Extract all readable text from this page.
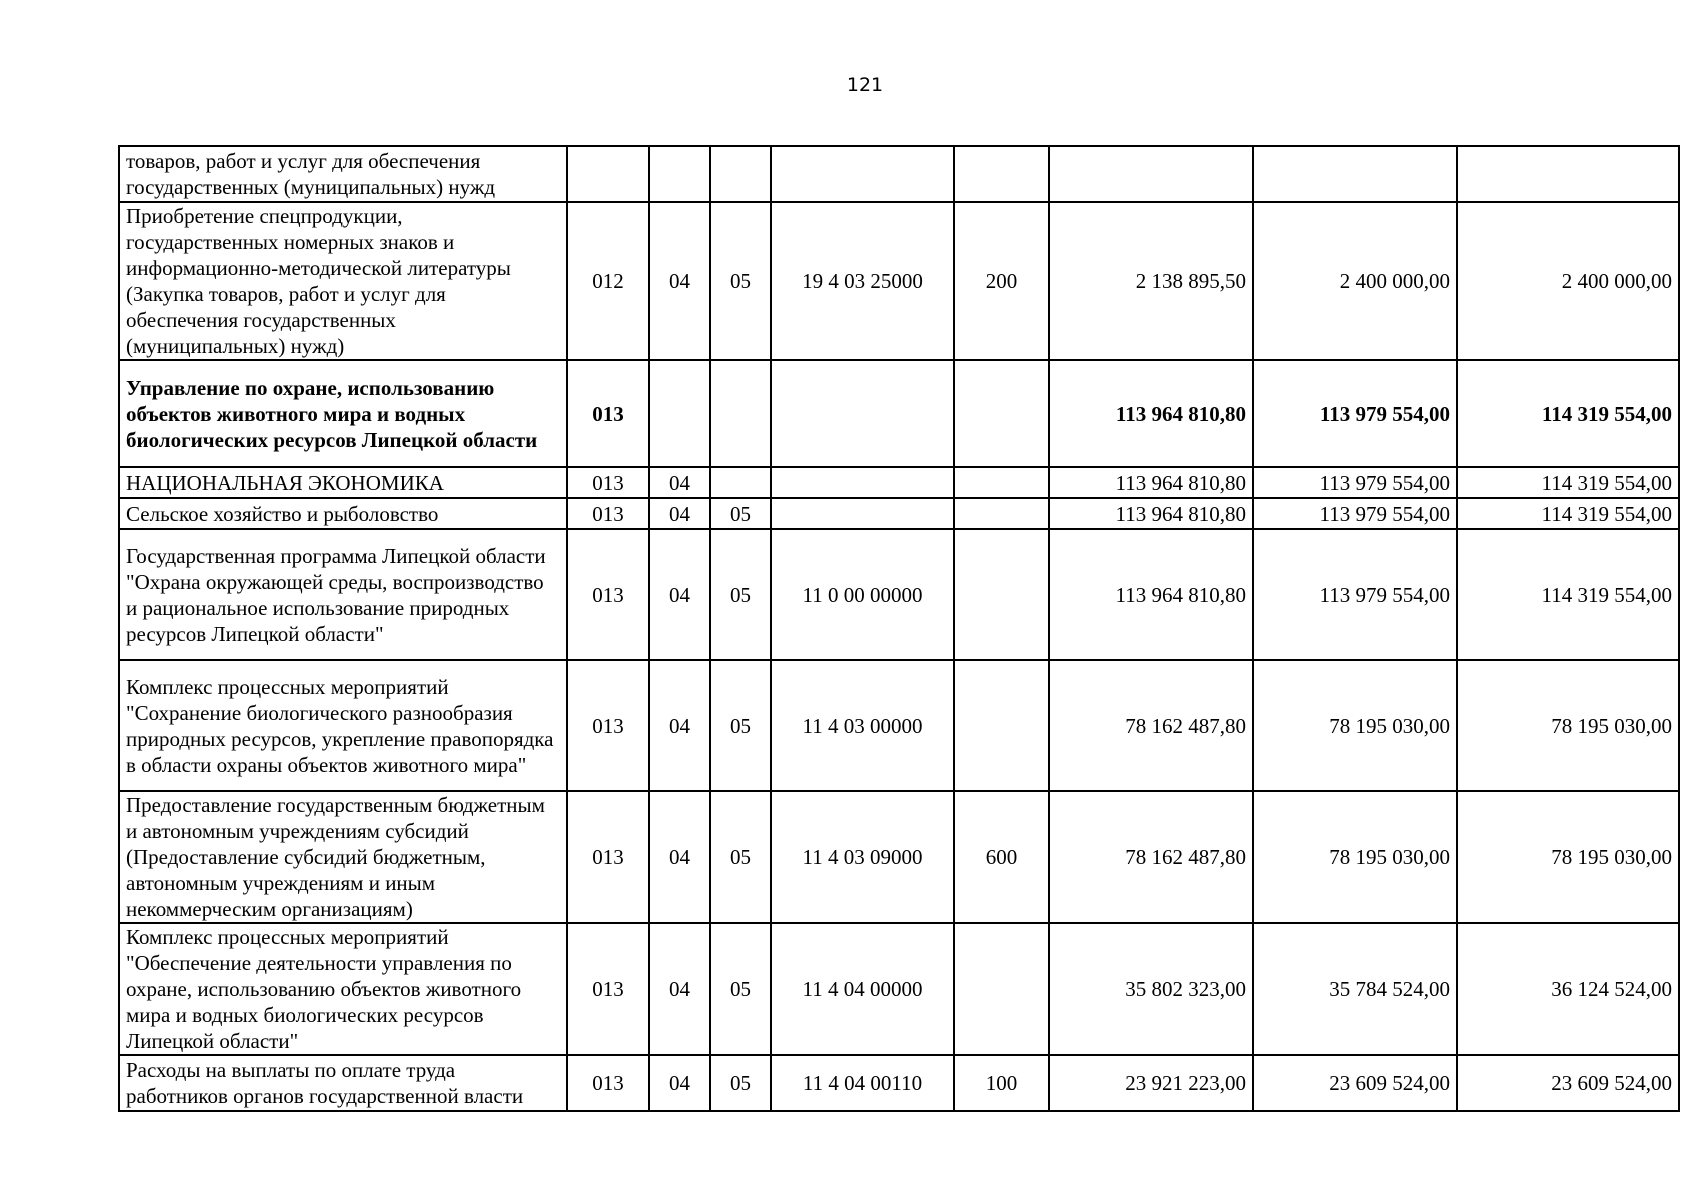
121
товаров, работ и услуг для обеспечения государственных (муниципальных) нужд								
Приобретение спецпродукции, государственных номерных знаков и информационно-методической литературы (Закупка товаров, работ и услуг для обеспечения государственных (муниципальных) нужд)	012	04	05	19 4 03 25000	200	2 138 895,50	2 400 000,00	2 400 000,00
Управление по охране, использованию объектов животного мира и водных биологических ресурсов Липецкой области	013					113 964 810,80	113 979 554,00	114 319 554,00
НАЦИОНАЛЬНАЯ ЭКОНОМИКА	013	04				113 964 810,80	113 979 554,00	114 319 554,00
Сельское хозяйство и рыболовство	013	04	05			113 964 810,80	113 979 554,00	114 319 554,00
Государственная программа Липецкой области "Охрана окружающей среды, воспроизводство и рациональное использование природных ресурсов Липецкой области"	013	04	05	11 0 00 00000		113 964 810,80	113 979 554,00	114 319 554,00
Комплекс процессных мероприятий "Сохранение биологического разнообразия природных ресурсов, укрепление правопорядка в области охраны объектов животного мира"	013	04	05	11 4 03 00000		78 162 487,80	78 195 030,00	78 195 030,00
Предоставление государственным бюджетным и автономным учреждениям субсидий (Предоставление субсидий бюджетным, автономным учреждениям и иным некоммерческим организациям)	013	04	05	11 4 03 09000	600	78 162 487,80	78 195 030,00	78 195 030,00
Комплекс процессных мероприятий "Обеспечение деятельности управления по охране, использованию объектов животного мира и водных биологических ресурсов Липецкой области"	013	04	05	11 4 04 00000		35 802 323,00	35 784 524,00	36 124 524,00
Расходы на выплаты по оплате труда работников органов государственной власти	013	04	05	11 4 04 00110	100	23 921 223,00	23 609 524,00	23 609 524,00
